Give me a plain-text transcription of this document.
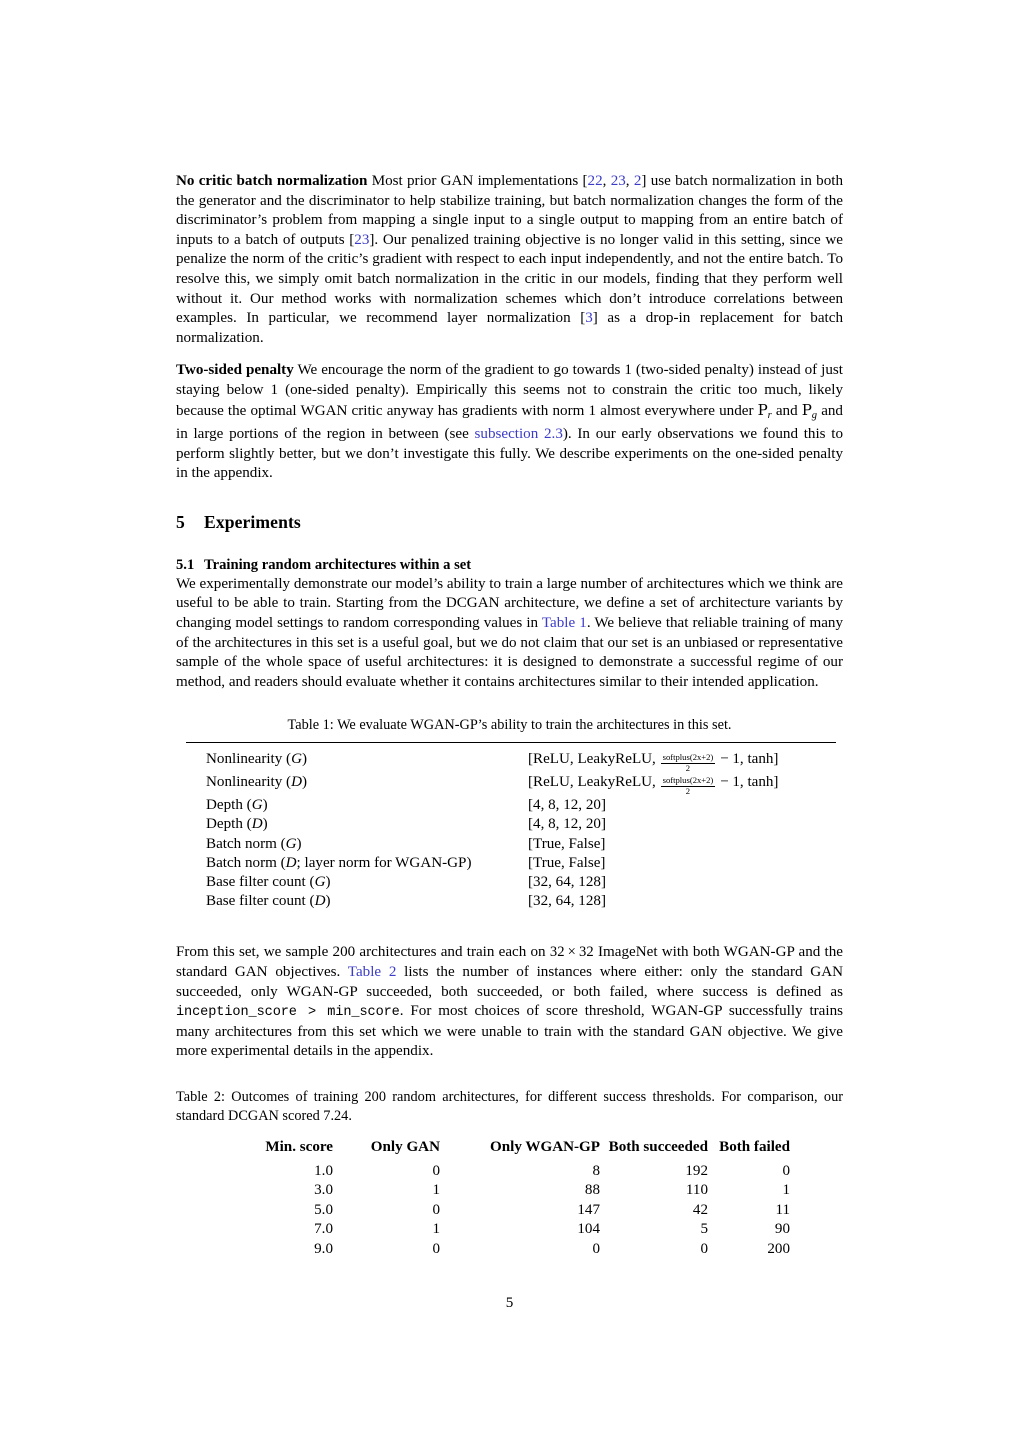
No critic batch normalization Most prior GAN implementations [22, 23, 2] use batch normalization in both the generator and the discriminator to help stabilize training, but batch normalization changes the form of the discriminator’s problem from mapping a single input to a single output to mapping from an entire batch of inputs to a batch of outputs [23]. Our penalized training objective is no longer valid in this setting, since we penalize the norm of the critic’s gradient with respect to each input independently, and not the entire batch. To resolve this, we simply omit batch normalization in the critic in our models, finding that they perform well without it. Our method works with normalization schemes which don’t introduce correlations between examples. In particular, we recommend layer normalization [3] as a drop-in replacement for batch normalization.

Two-sided penalty We encourage the norm of the gradient to go towards 1 (two-sided penalty) instead of just staying below 1 (one-sided penalty). Empirically this seems not to constrain the critic too much, likely because the optimal WGAN critic anyway has gradients with norm 1 almost everywhere under $P_r$ and $P_g$ and in large portions of the region in between (see subsection 2.3). In our early observations we found this to perform slightly better, but we don’t investigate this fully. We describe experiments on the one-sided penalty in the appendix.

5 Experiments
5.1 Training random architectures within a set

We experimentally demonstrate our model’s ability to train a large number of architectures which we think are useful to be able to train. Starting from the DCGAN architecture, we define a set of architecture variants by changing model settings to random corresponding values in Table 1. We believe that reliable training of many of the architectures in this set is a useful goal, but we do not claim that our set is an unbiased or representative sample of the whole space of useful architectures: it is designed to demonstrate a successful regime of our method, and readers should evaluate whether it contains architectures similar to their intended application.

Table 1: We evaluate WGAN-GP’s ability to train the architectures in this set.
Nonlinearity (G)	[ReLU, LeakyReLU, $\frac{\text{softplus(2x+2)}}{2} - 1$, tanh]
Nonlinearity (D)	[ReLU, LeakyReLU, $\frac{\text{softplus(2x+2)}}{2} - 1$, tanh]
Depth (G)	[4, 8, 12, 20]
Depth (D)	[4, 8, 12, 20]
Batch norm (G)	[True, False]
Batch norm (D; layer norm for WGAN-GP)	[True, False]
Base filter count (G)	[32, 64, 128]
Base filter count (D)	[32, 64, 128]

From this set, we sample 200 architectures and train each on 32 × 32 ImageNet with both WGAN-GP and the standard GAN objectives. Table 2 lists the number of instances where either: only the standard GAN succeeded, only WGAN-GP succeeded, both succeeded, or both failed, where success is defined as inception_score > min_score. For most choices of score threshold, WGAN-GP successfully trains many architectures from this set which we were unable to train with the standard GAN objective. We give more experimental details in the appendix.

Table 2: Outcomes of training 200 random architectures, for different success thresholds. For comparison, our standard DCGAN scored 7.24.
Min. score	Only GAN	Only WGAN-GP	Both succeeded	Both failed
1.0	0	8	192	0
3.0	1	88	110	1
5.0	0	147	42	11
7.0	1	104	5	90
9.0	0	0	0	200
5
